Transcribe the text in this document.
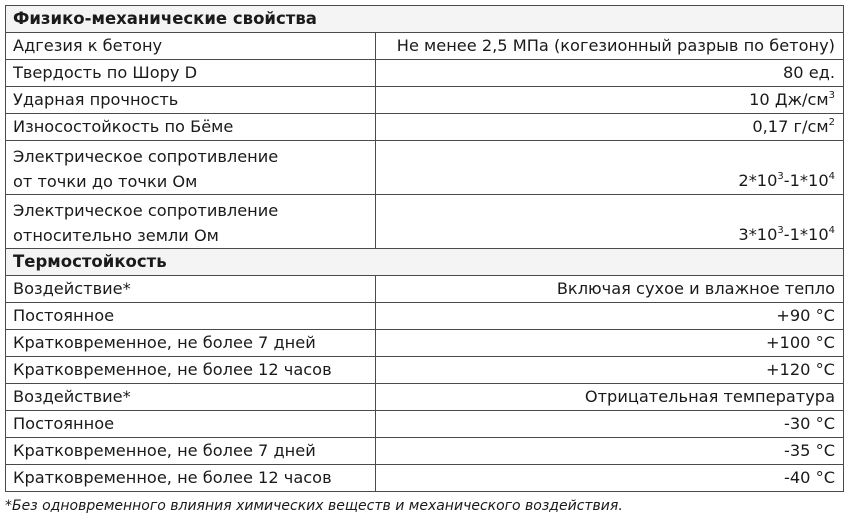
Физико-механические свойства	
Адгезия к бетону	Не менее 2,5 МПа (когезионный разрыв по бетону)
Твердость по Шору D	80 ед.
Ударная прочность	10 $Дж/см^3$
Износостойкость по Бёме	0,17 $г/см^2$
Электрическое сопротивление
от точки до точки Ом	$2*10^3-1*10^4$
Электрическое сопротивление
относительно земли Ом	$3*10^3-1*10^4$
Термостойкость	
Воздействие*	Включая сухое и влажное тепло
Постоянное	+90 °C
Кратковременное, не более 7 дней	+100 °C
Кратковременное, не более 12 часов	+120 °C
Воздействие*	Отрицательная температура
Постоянное	-30 °C
Кратковременное, не более 7 дней	-35 °C
Кратковременное, не более 12 часов	-40 °C
*Без одновременного влияния химических веществ и механического воздействия.
